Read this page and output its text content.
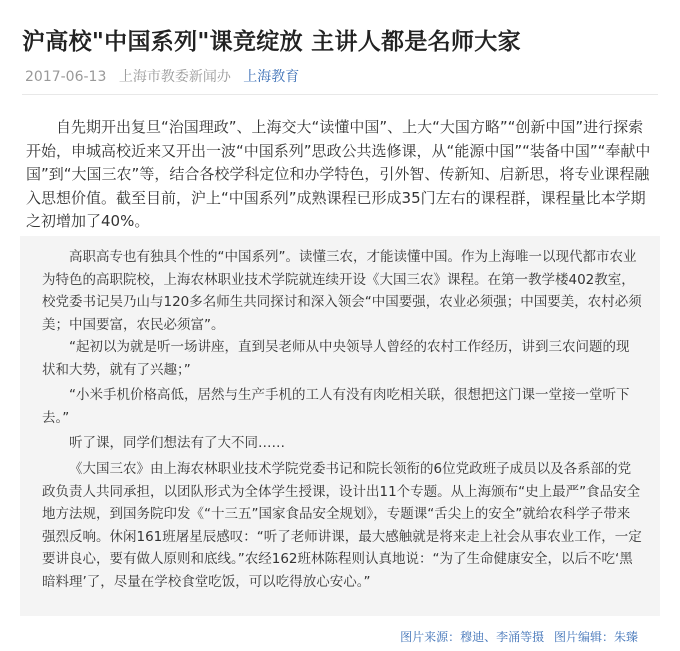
沪高校"中国系列"课竞绽放 主讲人都是名师大家
2017-06-13 上海市教委新闻办 上海教育

自先期开出复旦“治国理政”、上海交大“读懂中国”、上大“大国方略”“创新中国”进行探索开始，申城高校近来又开出一波“中国系列”思政公共选修课，从“能源中国”“装备中国”“奉献中国”到“大国三农”等，结合各校学科定位和办学特色，引外智、传新知、启新思，将专业课程融入思想价值。截至目前，沪上“中国系列”成熟课程已形成35门左右的课程群，课程量比本学期之初增加了40%。

高职高专也有独具个性的“中国系列”。读懂三农，才能读懂中国。作为上海唯一以现代都市农业为特色的高职院校，上海农林职业技术学院就连续开设《大国三农》课程。在第一教学楼402教室，校党委书记吴乃山与120多名师生共同探讨和深入领会“中国要强，农业必须强；中国要美，农村必须美；中国要富，农民必须富”。

“起初以为就是听一场讲座，直到吴老师从中央领导人曾经的农村工作经历，讲到三农问题的现状和大势，就有了兴趣；”

“小米手机价格高低，居然与生产手机的工人有没有肉吃相关联，很想把这门课一堂接一堂听下去。”

听了课，同学们想法有了大不同……

《大国三农》由上海农林职业技术学院党委书记和院长领衔的6位党政班子成员以及各系部的党政负责人共同承担，以团队形式为全体学生授课，设计出11个专题。从上海颁布“史上最严”食品安全地方法规，到国务院印发《“十三五”国家食品安全规划》，专题课“舌尖上的安全”就给农科学子带来强烈反响。休闲161班屠星辰感叹：“听了老师讲课，最大感触就是将来走上社会从事农业工作，一定要讲良心，要有做人原则和底线。”农经162班林陈程则认真地说：“为了生命健康安全，以后不吃‘黑暗料理’了，尽量在学校食堂吃饭，可以吃得放心安心。”

图片来源：穆迪、李涌等摄 图片编辑：朱臻
